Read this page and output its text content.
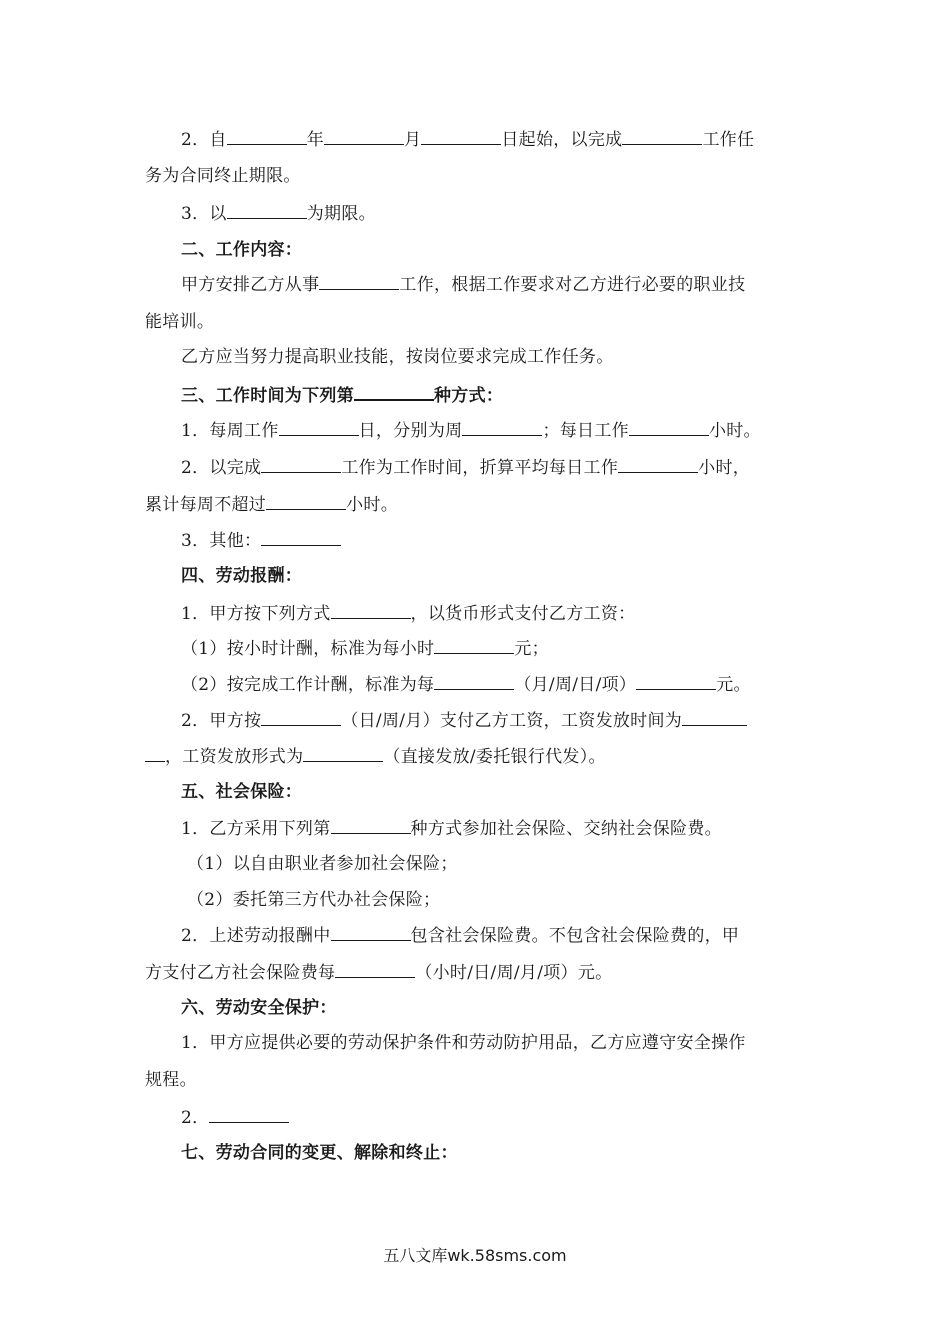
2．自	年	月	日起始，以完成	工作任
务为合同终止期限。
3．以	为期限。
二、工作内容：
甲方安排乙方从事	工作，根据工作要求对乙方进行必要的职业技
能培训。
乙方应当努力提高职业技能，按岗位要求完成工作任务。
三、工作时间为下列第	种方式：
1．每周工作	日，分别为周	；每日工作	小时。
2．以完成	工作为工作时间，折算平均每日工作	小时，
累计每周不超过	小时。
3．其他：
四、劳动报酬：
1．甲方按下列方式	，以货币形式支付乙方工资：
（1）按小时计酬，标准为每小时	元；
（2）按完成工作计酬，标准为每	（月/周/日/项）	元。
2．甲方按	（日/周/月）支付乙方工资，工资发放时间为
，工资发放形式为	（直接发放/委托银行代发）。
五、社会保险：
1．乙方采用下列第	种方式参加社会保险、交纳社会保险费。
（1）以自由职业者参加社会保险；
（2）委托第三方代办社会保险；
2．上述劳动报酬中	包含社会保险费。不包含社会保险费的，甲
方支付乙方社会保险费每	（小时/日/周/月/项）元。
六、劳动安全保护：
1．甲方应提供必要的劳动保护条件和劳动防护用品，乙方应遵守安全操作
规程。
2．
七、劳动合同的变更、解除和终止：
五八文库wk.58sms.com
